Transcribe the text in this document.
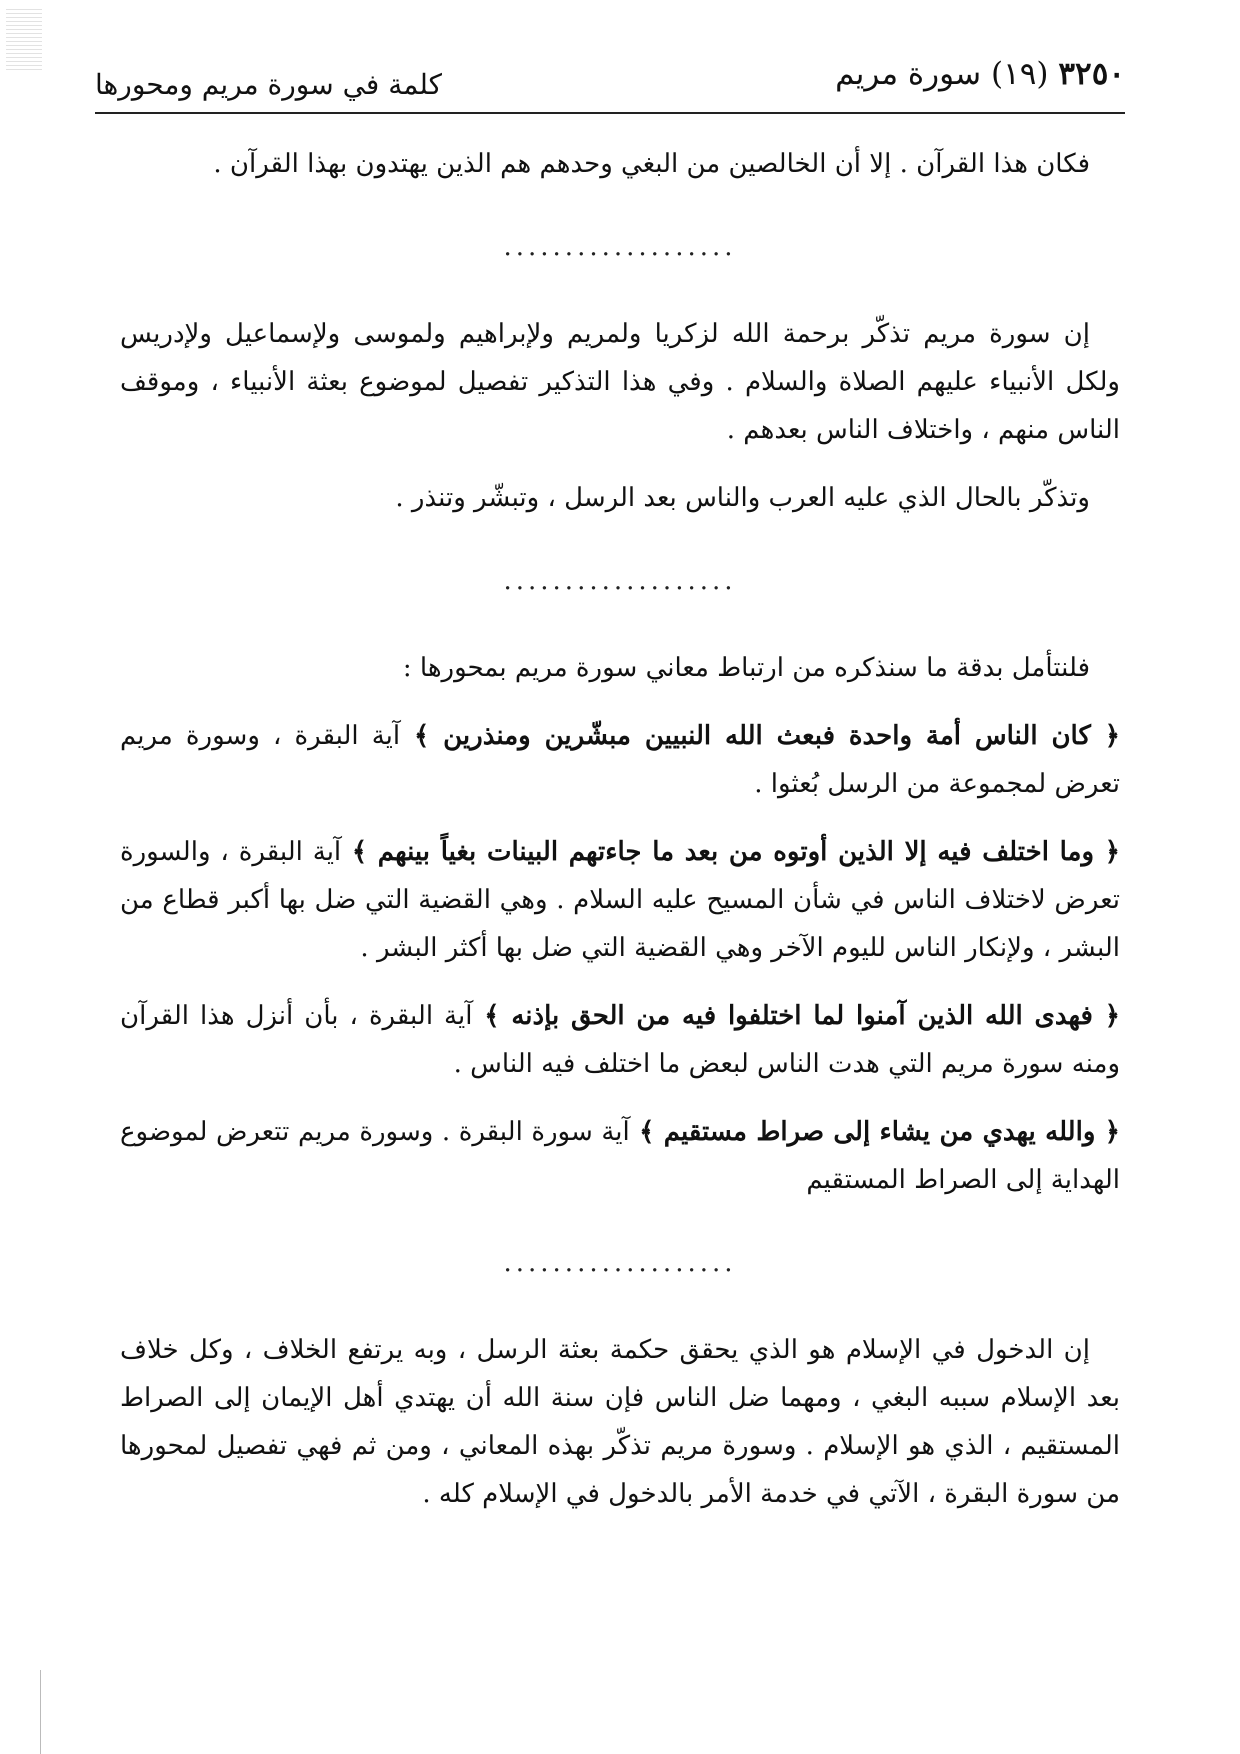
٣٢٥٠ (١٩) سورة مريم
كلمة في سورة مريم ومحورها

فكان هذا القرآن . إلا أن الخالصين من البغي وحدهم هم الذين يهتدون بهذا القرآن .

...................

إن سورة مريم تذكّر برحمة الله لزكريا ولمريم ولإبراهيم ولموسى ولإسماعيل ولإدريس ولكل الأنبياء عليهم الصلاة والسلام . وفي هذا التذكير تفصيل لموضوع بعثة الأنبياء ، وموقف الناس منهم ، واختلاف الناس بعدهم .

وتذكّر بالحال الذي عليه العرب والناس بعد الرسل ، وتبشّر وتنذر .

...................

فلنتأمل بدقة ما سنذكره من ارتباط معاني سورة مريم بمحورها :

﴿ كان الناس أمة واحدة فبعث الله النبيين مبشّرين ومنذرين ﴾ آية البقرة ، وسورة مريم تعرض لمجموعة من الرسل بُعثوا .

﴿ وما اختلف فيه إلا الذين أوتوه من بعد ما جاءتهم البينات بغياً بينهم ﴾ آية البقرة ، والسورة تعرض لاختلاف الناس في شأن المسيح عليه السلام . وهي القضية التي ضل بها أكبر قطاع من البشر ، ولإنكار الناس لليوم الآخر وهي القضية التي ضل بها أكثر البشر .

﴿ فهدى الله الذين آمنوا لما اختلفوا فيه من الحق بإذنه ﴾ آية البقرة ، بأن أنزل هذا القرآن ومنه سورة مريم التي هدت الناس لبعض ما اختلف فيه الناس .

﴿ والله يهدي من يشاء إلى صراط مستقيم ﴾ آية سورة البقرة . وسورة مريم تتعرض لموضوع الهداية إلى الصراط المستقيم

...................

إن الدخول في الإسلام هو الذي يحقق حكمة بعثة الرسل ، وبه يرتفع الخلاف ، وكل خلاف بعد الإسلام سببه البغي ، ومهما ضل الناس فإن سنة الله أن يهتدي أهل الإيمان إلى الصراط المستقيم ، الذي هو الإسلام . وسورة مريم تذكّر بهذه المعاني ، ومن ثم فهي تفصيل لمحورها من سورة البقرة ، الآتي في خدمة الأمر بالدخول في الإسلام كله .
